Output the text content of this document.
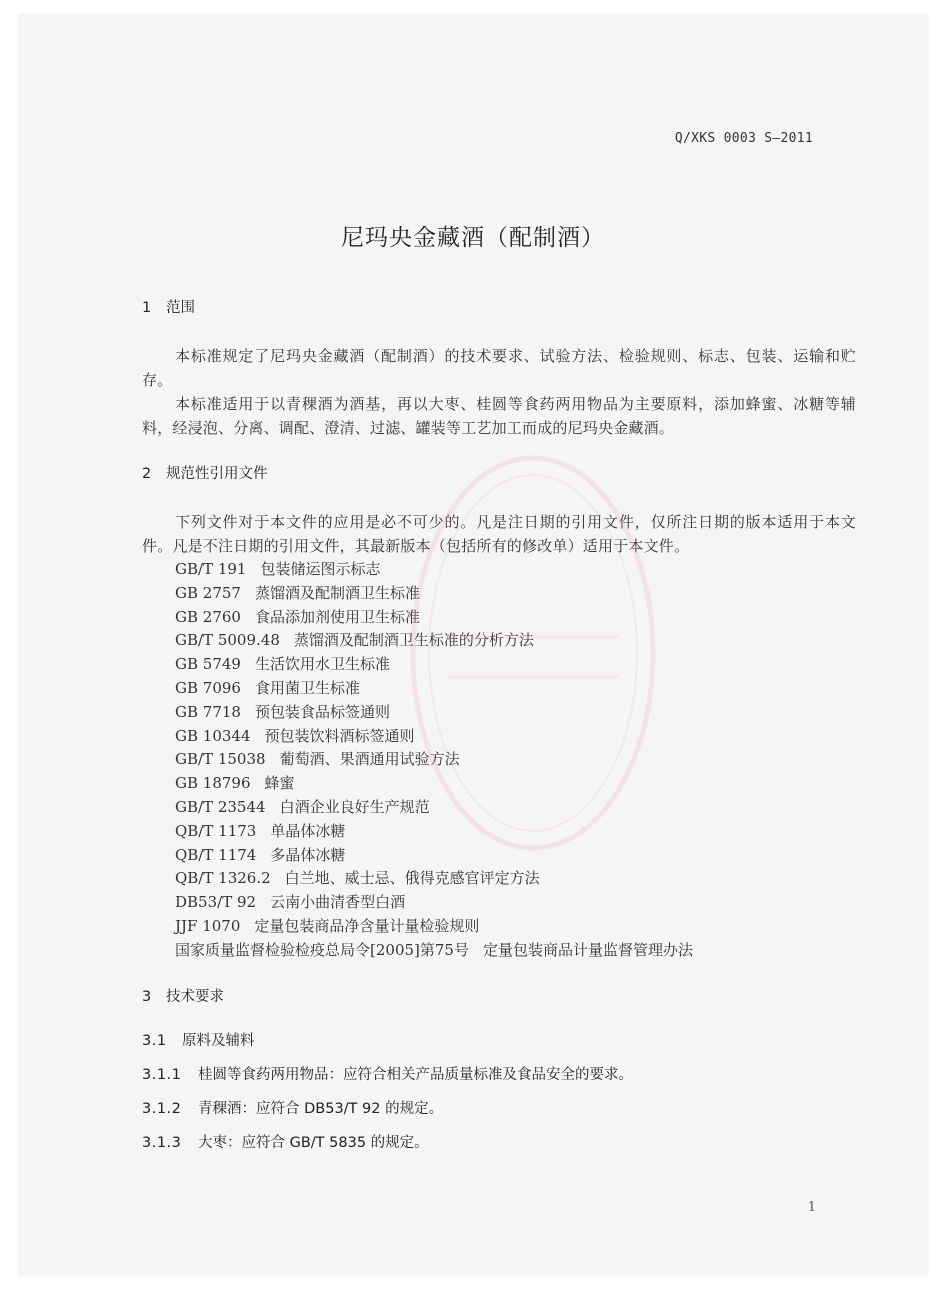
Q/XKS 0003 S—2011
尼玛央金藏酒（配制酒）
1 范围
本标准规定了尼玛央金藏酒（配制酒）的技术要求、试验方法、检验规则、标志、包装、运输和贮存。
本标准适用于以青稞酒为酒基，再以大枣、桂圆等食药两用物品为主要原料，添加蜂蜜、冰糖等辅料，经浸泡、分离、调配、澄清、过滤、罐装等工艺加工而成的尼玛央金藏酒。
2 规范性引用文件
下列文件对于本文件的应用是必不可少的。凡是注日期的引用文件，仅所注日期的版本适用于本文件。凡是不注日期的引用文件，其最新版本（包括所有的修改单）适用于本文件。
GB/T 191 包装储运图示标志
GB 2757 蒸馏酒及配制酒卫生标准
GB 2760 食品添加剂使用卫生标准
GB/T 5009.48 蒸馏酒及配制酒卫生标准的分析方法
GB 5749 生活饮用水卫生标准
GB 7096 食用菌卫生标准
GB 7718 预包装食品标签通则
GB 10344 预包装饮料酒标签通则
GB/T 15038 葡萄酒、果酒通用试验方法
GB 18796 蜂蜜
GB/T 23544 白酒企业良好生产规范
QB/T 1173 单晶体冰糖
QB/T 1174 多晶体冰糖
QB/T 1326.2 白兰地、威士忌、俄得克感官评定方法
DB53/T 92 云南小曲清香型白酒
JJF 1070 定量包装商品净含量计量检验规则
国家质量监督检验检疫总局令[2005]第75号 定量包装商品计量监督管理办法
3 技术要求
3.1 原料及辅料
3.1.1 桂圆等食药两用物品：应符合相关产品质量标准及食品安全的要求。
3.1.2 青稞酒：应符合 DB53/T 92 的规定。
3.1.3 大枣：应符合 GB/T 5835 的规定。
1
